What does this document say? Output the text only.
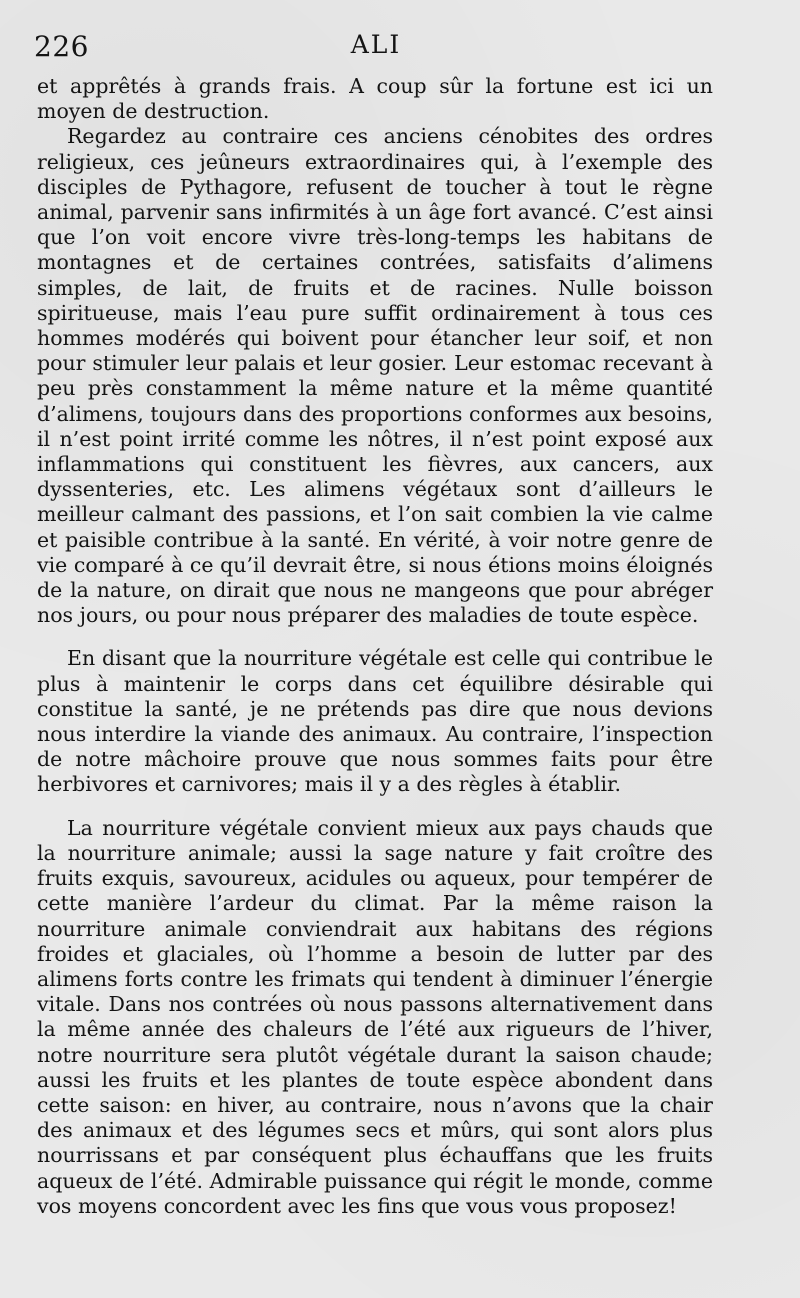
226	ALI

et apprêtés à grands frais. A coup sûr la fortune est ici un moyen de destruction.

Regardez au contraire ces anciens cénobites des ordres religieux, ces jeûneurs extraordinaires qui, à l’exemple des disciples de Pythagore, refusent de toucher à tout le règne animal, parvenir sans infirmités à un âge fort avancé. C’est ainsi que l’on voit encore vivre très-long-temps les habitans de montagnes et de certaines contrées, satisfaits d’alimens simples, de lait, de fruits et de racines. Nulle boisson spiritueuse, mais l’eau pure suffit ordinairement à tous ces hommes modérés qui boivent pour étancher leur soif, et non pour stimuler leur palais et leur gosier. Leur estomac recevant à peu près constamment la même nature et la même quantité d’alimens, toujours dans des proportions conformes aux besoins, il n’est point irrité comme les nôtres, il n’est point exposé aux inflammations qui constituent les fièvres, aux cancers, aux dyssenteries, etc. Les alimens végétaux sont d’ailleurs le meilleur calmant des passions, et l’on sait combien la vie calme et paisible contribue à la santé. En vérité, à voir notre genre de vie comparé à ce qu’il devrait être, si nous étions moins éloignés de la nature, on dirait que nous ne mangeons que pour abréger nos jours, ou pour nous préparer des maladies de toute espèce.

En disant que la nourriture végétale est celle qui contribue le plus à maintenir le corps dans cet équilibre désirable qui constitue la santé, je ne prétends pas dire que nous devions nous interdire la viande des animaux. Au contraire, l’inspection de notre mâchoire prouve que nous sommes faits pour être herbivores et carnivores; mais il y a des règles à établir.

La nourriture végétale convient mieux aux pays chauds que la nourriture animale; aussi la sage nature y fait croître des fruits exquis, savoureux, acidules ou aqueux, pour tempérer de cette manière l’ardeur du climat. Par la même raison la nourriture animale conviendrait aux habitans des régions froides et glaciales, où l’homme a besoin de lutter par des alimens forts contre les frimats qui tendent à diminuer l’énergie vitale. Dans nos contrées où nous passons alternativement dans la même année des chaleurs de l’été aux rigueurs de l’hiver, notre nourriture sera plutôt végétale durant la saison chaude; aussi les fruits et les plantes de toute espèce abondent dans cette saison: en hiver, au contraire, nous n’avons que la chair des animaux et des légumes secs et mûrs, qui sont alors plus nourrissans et par conséquent plus échauffans que les fruits aqueux de l’été. Admirable puissance qui régit le monde, comme vos moyens concordent avec les fins que vous vous proposez!
